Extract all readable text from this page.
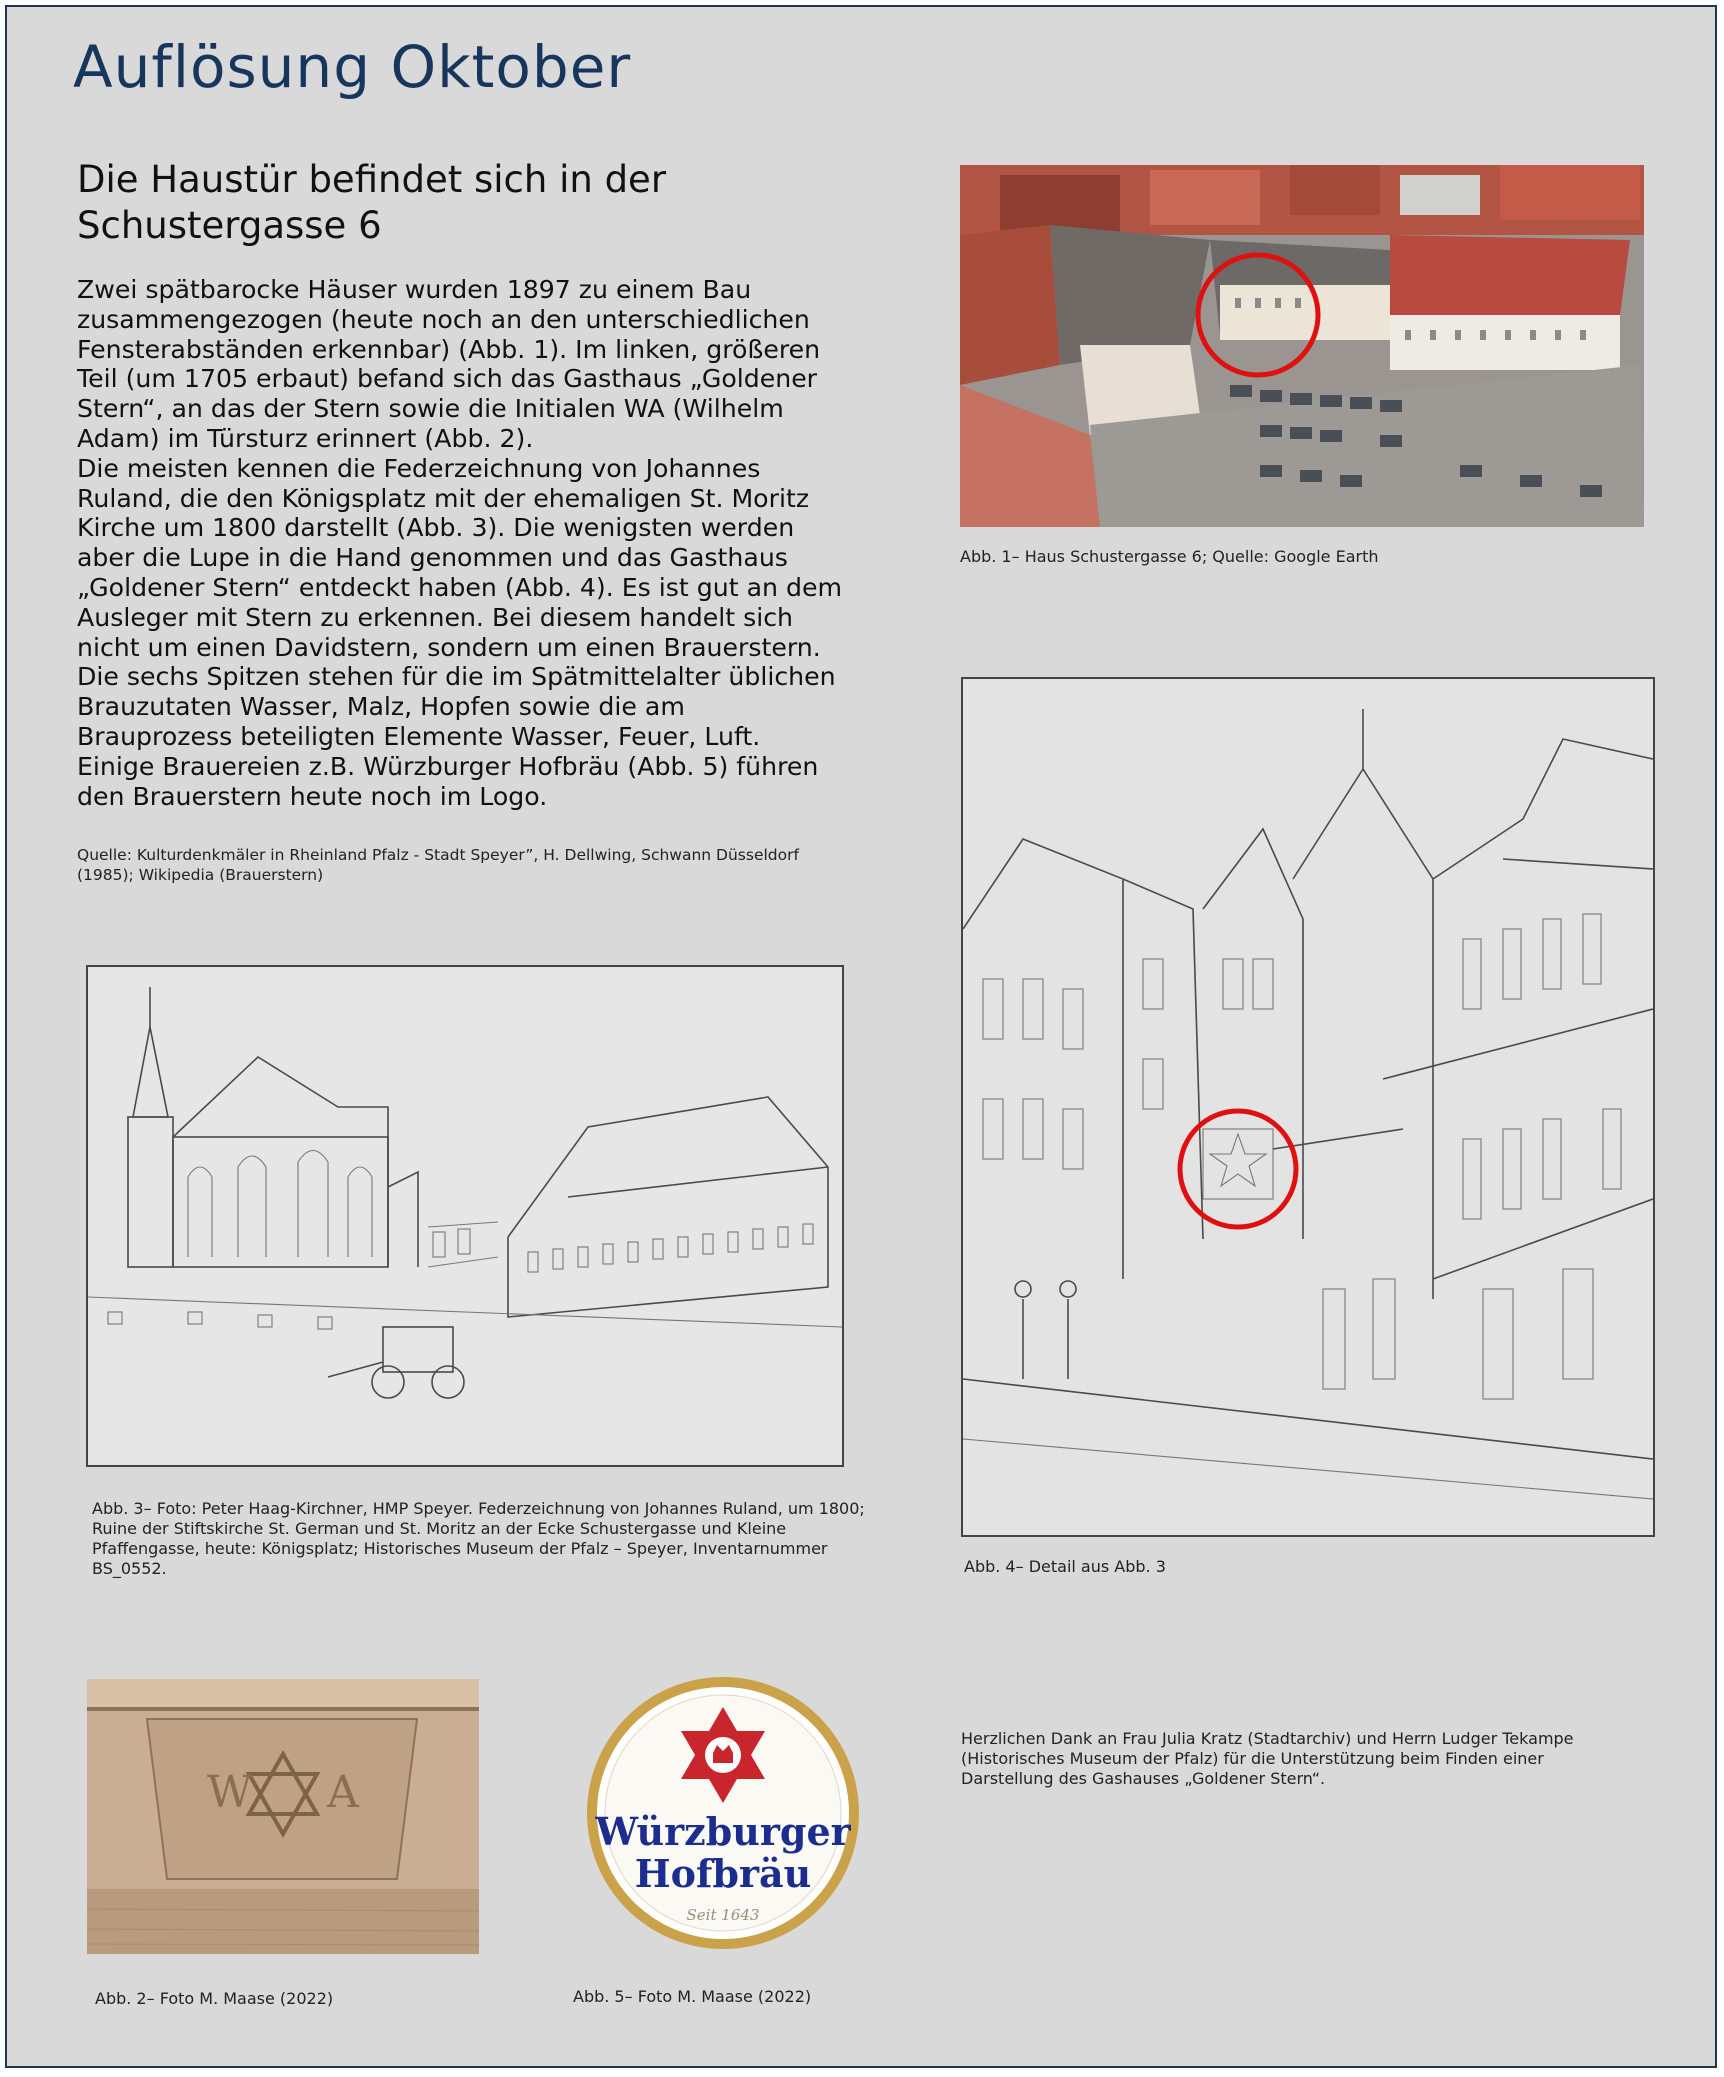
Auflösung Oktober
Die Haustür befindet sich in der
Schustergasse 6

Zwei spätbarocke Häuser wurden 1897 zu einem Bau

zusammengezogen (heute noch an den unterschiedlichen

Fensterabständen erkennbar) (Abb. 1). Im linken, größeren

Teil (um 1705 erbaut) befand sich das Gasthaus „Goldener

Stern“, an das der Stern sowie die Initialen WA (Wilhelm

Adam) im Türsturz erinnert (Abb. 2).

Die meisten kennen die Federzeichnung von Johannes

Ruland, die den Königsplatz mit der ehemaligen St. Moritz

Kirche um 1800 darstellt (Abb. 3). Die wenigsten werden

aber die Lupe in die Hand genommen und das Gasthaus

„Goldener Stern“ entdeckt haben (Abb. 4). Es ist gut an dem

Ausleger mit Stern zu erkennen. Bei diesem handelt sich

nicht um einen Davidstern, sondern um einen Brauerstern.

Die sechs Spitzen stehen für die im Spätmittelalter üblichen

Brauzutaten Wasser, Malz, Hopfen sowie die am

Brauprozess beteiligten Elemente Wasser, Feuer, Luft.

Einige Brauereien z.B. Würzburger Hofbräu (Abb. 5) führen

den Brauerstern heute noch im Logo.

Quelle: Kulturdenkmäler in Rheinland Pfalz - Stadt Speyer”, H. Dellwing, Schwann Düsseldorf
(1985); Wikipedia (Brauerstern)
Abb. 1– Haus Schustergasse 6; Quelle: Google Earth
Abb. 4– Detail aus Abb. 3
Abb. 3– Foto: Peter Haag-Kirchner, HMP Speyer. Federzeichnung von Johannes Ruland, um 1800;
Ruine der Stiftskirche St. German und St. Moritz an der Ecke Schustergasse und Kleine
Pfaffengasse, heute: Königsplatz; Historisches Museum der Pfalz – Speyer, Inventarnummer
BS_0552.
W A
Abb. 2– Foto M. Maase (2022)
Würzburger
Hofbräu
Seit 1643
Abb. 5– Foto M. Maase (2022)
Herzlichen Dank an Frau Julia Kratz (Stadtarchiv) und Herrn Ludger Tekampe
(Historisches Museum der Pfalz) für die Unterstützung beim Finden einer
Darstellung des Gashauses „Goldener Stern“.
